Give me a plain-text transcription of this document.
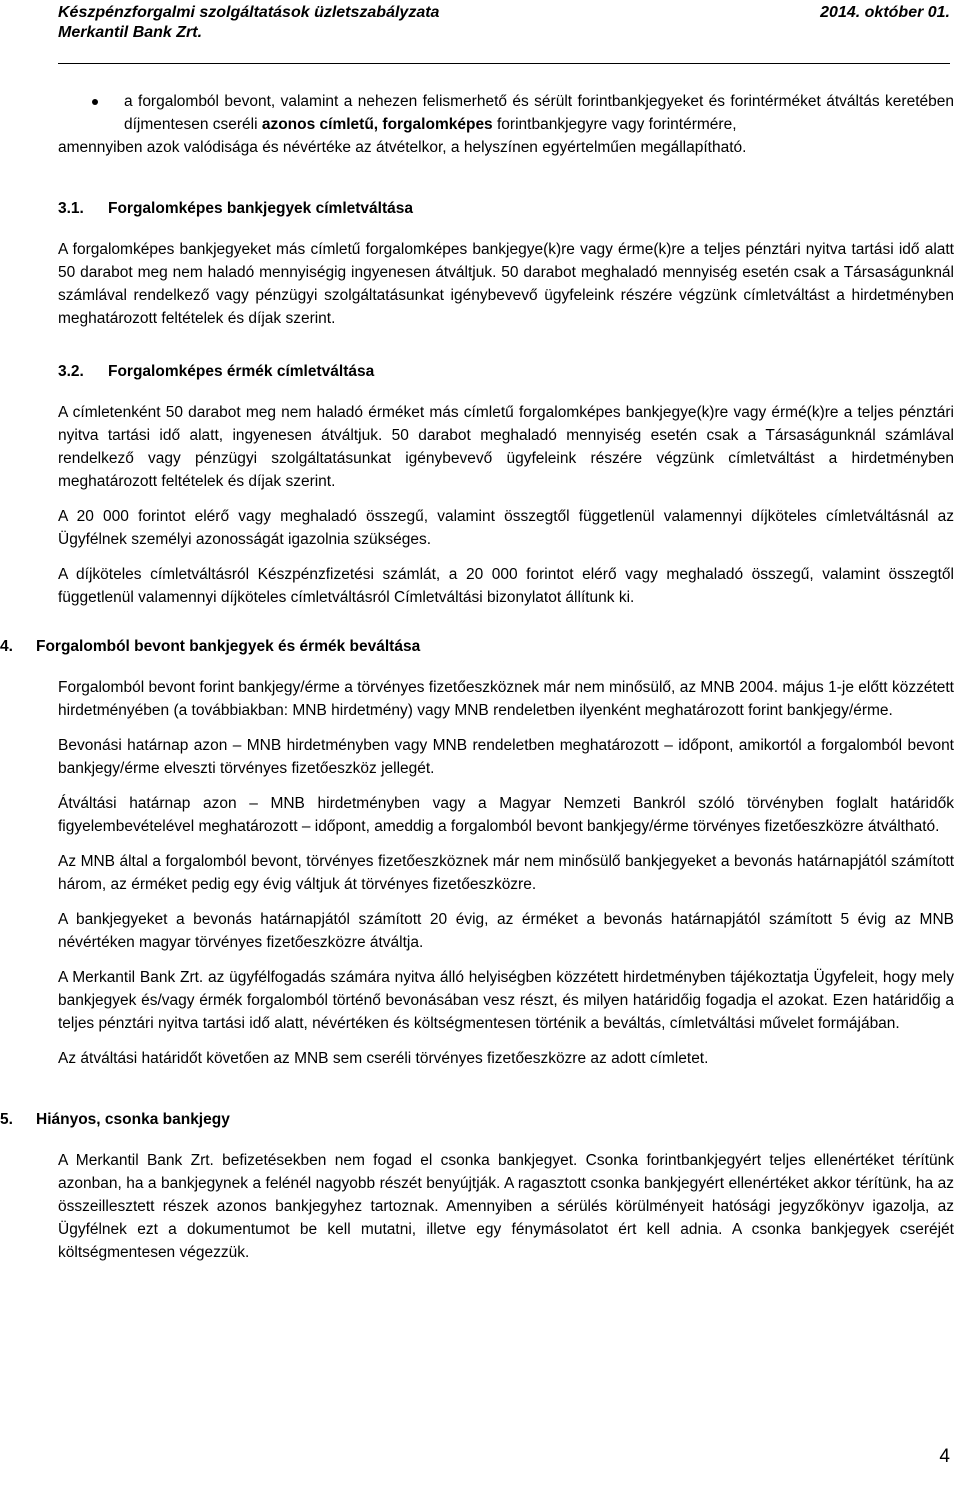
Készpénzforgalmi szolgáltatások üzletszabályzata	2014. október 01.
Merkantil Bank Zrt.

a forgalomból bevont, valamint a nehezen felismerhető és sérült forintbankjegyeket és forintérméket átváltás keretében díjmentesen cseréli azonos címletű, forgalomképes forintbankjegyre vagy forintérmére,

amennyiben azok valódisága és névértéke az átvételkor, a helyszínen egyértelműen megállapítható.

3.1.	Forgalomképes bankjegyek címletváltása

A forgalomképes bankjegyeket más címletű forgalomképes bankjegye(k)re vagy érme(k)re a teljes pénztári nyitva tartási idő alatt 50 darabot meg nem haladó mennyiségig ingyenesen átváltjuk. 50 darabot meghaladó mennyiség esetén csak a Társaságunknál számlával rendelkező vagy pénzügyi szolgáltatásunkat igénybevevő ügyfeleink részére végzünk címletváltást a hirdetményben meghatározott feltételek és díjak szerint.

3.2.	Forgalomképes érmék címletváltása

A címletenként 50 darabot meg nem haladó érméket más címletű forgalomképes bankjegye(k)re vagy érmé(k)re a teljes pénztári nyitva tartási idő alatt, ingyenesen átváltjuk. 50 darabot meghaladó mennyiség esetén csak a Társaságunknál számlával rendelkező vagy pénzügyi szolgáltatásunkat igénybevevő ügyfeleink részére végzünk címletváltást a hirdetményben meghatározott feltételek és díjak szerint.

A 20 000 forintot elérő vagy meghaladó összegű, valamint összegtől függetlenül valamennyi díjköteles címletváltásnál az Ügyfélnek személyi azonosságát igazolnia szükséges.

A díjköteles címletváltásról Készpénzfizetési számlát, a 20 000 forintot elérő vagy meghaladó összegű, valamint összegtől függetlenül valamennyi díjköteles címletváltásról Címletváltási bizonylatot állítunk ki.

4.	Forgalomból bevont bankjegyek és érmék beváltása

Forgalomból bevont forint bankjegy/érme a törvényes fizetőeszköznek már nem minősülő, az MNB 2004. május 1-je előtt közzétett hirdetményében (a továbbiakban: MNB hirdetmény) vagy MNB rendeletben ilyenként meghatározott forint bankjegy/érme.

Bevonási határnap azon – MNB hirdetményben vagy MNB rendeletben meghatározott – időpont, amikortól a forgalomból bevont bankjegy/érme elveszti törvényes fizetőeszköz jellegét.

Átváltási határnap azon – MNB hirdetményben vagy a Magyar Nemzeti Bankról szóló törvényben foglalt határidők figyelembevételével meghatározott – időpont, ameddig a forgalomból bevont bankjegy/érme törvényes fizetőeszközre átváltható.

Az MNB által a forgalomból bevont, törvényes fizetőeszköznek már nem minősülő bankjegyeket a bevonás határnapjától számított három, az érméket pedig egy évig váltjuk át törvényes fizetőeszközre.

A bankjegyeket a bevonás határnapjától számított 20 évig, az érméket a bevonás határnapjától számított 5 évig az MNB névértéken magyar törvényes fizetőeszközre átváltja.

A Merkantil Bank Zrt. az ügyfélfogadás számára nyitva álló helyiségben közzétett hirdetményben tájékoztatja Ügyfeleit, hogy mely bankjegyek és/vagy érmék forgalomból történő bevonásában vesz részt, és milyen határidőig fogadja el azokat. Ezen határidőig a teljes pénztári nyitva tartási idő alatt, névértéken és költségmentesen történik a beváltás, címletváltási művelet formájában.

Az átváltási határidőt követően az MNB sem cseréli törvényes fizetőeszközre az adott címletet.

5.	Hiányos, csonka bankjegy

A Merkantil Bank Zrt. befizetésekben nem fogad el csonka bankjegyet. Csonka forintbankjegyért teljes ellenértéket térítünk azonban, ha a bankjegynek a felénél nagyobb részét benyújtják. A ragasztott csonka bankjegyért ellenértéket akkor térítünk, ha az összeillesztett részek azonos bankjegyhez tartoznak. Amennyiben a sérülés körülményeit hatósági jegyzőkönyv igazolja, az Ügyfélnek ezt a dokumentumot be kell mutatni, illetve egy fénymásolatot ért kell adnia. A csonka bankjegyek cseréjét költségmentesen végezzük.

4
